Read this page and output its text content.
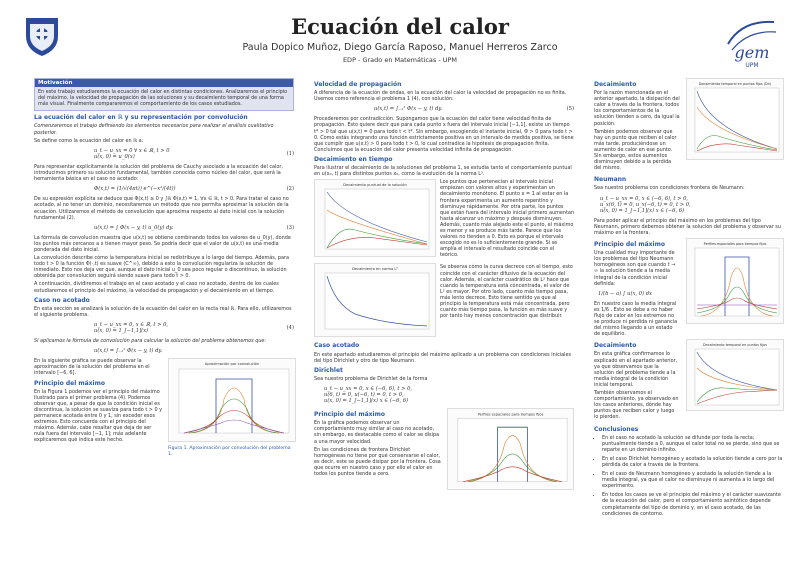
Ecuación del calor
Paula Dopico Muñoz, Diego García Raposo, Manuel Herreros Zarco
EDP - Grado en Matemáticas - UPM	gem
UPM
Motivación
En este trabajo estudiaremos la ecuación del calor en distintas condiciones. Analizaremos el principio del máximo, la velocidad de propagación de las soluciones y su decaimiento temporal de una forma más visual. Finalmente compararemos el comportamiento de los casos estudiados.
La ecuación del calor en ℝ y su representación por convolución
Comenzaremos el trabajo definiendo los elementos necesarios para realizar el análisis cualitativo posterior.
Se define como la ecuación del calor en ℝ a:
u_t − u_xx = 0 ∀ x ∈ ℝ, t > 0
u(x, 0) = u_0(x)
(1)
Para representar explícitamente la solución del problema de Cauchy asociado a la ecuación del calor, introducimos primero su solución fundamental, también conocida como núcleo del calor, que será la herramienta básica en el caso no acotado:
Φ(x,t) = (1/√(4πt)) e^(−x²/(4t))	(2)
De su expresión explícita se deduce que Φ(x,t) ≥ 0 y ∫ℝ Φ(x,t) = 1, ∀x ∈ ℝ, t > 0. Para tratar el caso no acotado, al no tener un dominio, necesitaremos un método que nos permita aproximar la solución de la ecuación. Utilizaremos el método de convolución que aproxima respecto al dato inicial con la solución fundamental (2).
u(x,t) = ∫ Φ(x − y, t) u_0(y) dy.	(3)
La fórmula de convolución muestra que u(x,t) se obtiene combinando todos los valores de u_0(y), donde los puntos más cercanos a x tienen mayor peso. Se podría decir que el valor de u(x,t) es una media ponderada del dato inicial.
La convolución describe cómo la temperatura inicial se redistribuye a lo largo del tiempo. Además, para todo t > 0 la función Φ(·,t) es suave (C^∞), debido a esto la convolución regulariza la solución de inmediato. Esto nos deja ver que, aunque el dato inicial u_0 sea poco regular o discontinuo, la solución obtenida por convolución seguirá siendo suave para todo t > 0.
A continuación, dividiremos el trabajo en el caso acotado y el caso no acotado, dentro de los cuales estudiaremos el principio del máximo, la velocidad de propagación y el decaimiento en el tiempo.
Caso no acotado
En esta sección se analizará la solución de la ecuación del calor en la recta real ℝ. Para ello, utilizaremos el siguiente problema.
u_t − u_xx = 0, x ∈ ℝ, t > 0,
u(x, 0) = 1_[−1,1](x)
(4)
Si aplicamos la fórmula de convolución para calcular la solución del problema obtenemos que:
u(x,t) = ∫₋₁¹ Φ(x − y, t) dy.
En la siguiente gráfica se puede observar la aproximación de la solución del problema en el intervalo [−6, 6].
Principio del máximo
En la Figura 1 podemos ver el principio del máximo ilustrado para el primer problema (4). Podemos observar que, a pesar de que la condición inicial es discontinua, la solución se suaviza para todo t > 0 y permanece acotada entre 0 y 1, sin exceder esos extremos. Esto concuerda con el principio del máximo. Además, cabe resaltar que deja de ser nula fuera del intervalo [−1, 1]; más adelante explicaremos qué indica este hecho.
Aproximación por convolución
Figura 1. Aproximación por convolución del problema 1.
Velocidad de propagación
A diferencia de la ecuación de ondas, en la ecuación del calor la velocidad de propagación no es finita. Usemos como referencia el problema 1 (4), con solución:
u(x,t) = ∫₋₁¹ Φ(x − y, t) dy.	(5)
Procederemos por contradicción. Supongamos que la ecuación del calor tiene velocidad finita de propagación. Esto quiere decir que para cada punto x fuera del intervalo inicial [−1,1], existe un tiempo t* > 0 tal que u(x,t) = 0 para todo t < t*. Sin embargo, escogiendo el instante inicial, Φ > 0 para todo t > 0. Como estás integrando una función estrictamente positiva en un intervalo de medida positiva, se tiene que cumplir que u(x,t) > 0 para todo t > 0, lo cual contradice la hipótesis de propagación finita. Concluimos que la ecuación del calor presenta velocidad infinita de propagación.
Decaimiento en tiempo
Para ilustrar el decaimiento de la soluciones del problema 1, se estudia tanto el comportamiento puntual en u(x₀, t) para distintos puntos x₀, como la evolución de la norma L².
Decaimiento puntual de la solución

Decaimiento en norma L²
Los puntos que pertenecían al intervalo inicial empiezan con valores altos y experimentan un decaimiento monótono. El punto x = 1 al estar en la frontera experimenta un aumento repentino y disminuye rápidamente. Por otra parte, los puntos que están fuera del intervalo inicial primero aumentan hasta alcanzar un máximo y después disminuyen. Además, cuanto más alejado este el punto, el máximo es menor y se produce más tarde. Parece que los valores no tienden a 0. Esto es porque el intervalo escogido no es lo suficientemente grande. Si se amplía el intervalo el resultado coincide con el teórico.
Se observa cómo la curva decrece con el tiempo, esto coincide con el carácter difusivo de la ecuación del calor. Además, el carácter cuadrático de L² hace que cuando la temperatura está concentrada, el valor de L² es mayor. Por otro lado, cuanto más tiempo pasa, más lento decrece. Esto tiene sentido ya que al principio la temperatura está más concentrada, pero cuanto más tiempo pasa, la función es más suave y por tanto hay menos concentración que distribuir.
Caso acotado
En este apartado estudiaremos el principio del máximo aplicado a un problema con condiciones iniciales del tipo Dirichlet y otro de tipo Neumann.
Dirichlet
Sea nuestro problema de Dirichlet de la forma
u_t − u_xx = 0, x ∈ (−6, 6), t > 0,
u(6, t) = 0, u(−6, t) = 0, t > 0,
u(x, 0) = 1_[−1,1](x) x ∈ (−6, 6)
Principio del máximo
En la gráfica podemos observar un comportamiento muy similar al caso no acotado, sin embargo, es destacable como el calor se disipa a una mayor velocidad.
En las condiciones de frontera Dirichlet homogéneas no tiene por qué conservarse el calor, es decir, este se puede disipar por la frontera. Cosa que ocurre en nuestro caso y por ello el calor en todos los puntos tiende a cero.
Perfiles espaciales para tiempos fijos
Decaimiento
Por la razón mencionada en el anterior apartado, la disipación del calor a través de la frontera, todos los comportamientos de la solución tienden a cero, da igual la posición.
También podemos observar que hay un punto que reciben el calor más tarde, produciéndose un aumento de calor en ese punto. Sin embargo, estos aumentos disminuyen debido a la pérdida del mismo.
Decaimiento temporal en puntos fijos (Dir)
Neumann
Sea nuestro problema con condiciones frontera de Neumann:
u_t − u_xx = 0, x ∈ (−6, 6), t > 0,
u_x(6, t) = 0, u_x(−6, t) = 0, t > 0,
u(x, 0) = 1_[−1,1](x) x ∈ (−6, 6)
Para poder aplicar el principio del máximo en los problemas del tipo Neumann, primero debemos obtener la solución del problema y observar su máximo en la frontera.
Principio del máximo
Una cualidad muy importante de los problemas del tipo Neumann homogéneos son que cuando t → ∞ la solución tiende a la media integral de la condición inicial definida:
1/(b − a) ∫ u(x, 0) dx
En nuestro caso la media integral es 1/6 . Esto se debe a no haber flujo de calor en los extremos no se produce ni perdida ni ganancia del mismo llegando a un estado de equilibrio.
Perfiles espaciales para tiempos fijos
Decaimiento
En esta gráfica confirmamos lo explicado en el apartado anterior, ya que observamos que la solución del problema tiende a la media integral de la condición inicial temporal.
También observamos el comportamiento, ya observado en los casos anteriores, dónde hay puntos que reciben calor y luego lo pierden.
Decaimiento temporal en puntos fijos
Conclusiones
• En el caso no acotado la solución se difunde por toda la recta; puntualmente tiende a 0, aunque el calor total no se pierde, sino que se reparte en un dominio infinito.
• En el caso Dirichlet homogéneo y acotado la solución tiende a cero por la pérdida de calor a través de la frontera.
• En el caso de Neumann homogéneo y acotado la solución tiende a la media integral, ya que el calor no disminuye ni aumenta a lo largo del experimento.
• En todos los casos se ve el principio del máximo y el carácter suavizante de la ecuación del calor, pero el comportamiento asintótico depende completamente del tipo de dominio y, en el caso acotado, de las condiciones de contorno.
